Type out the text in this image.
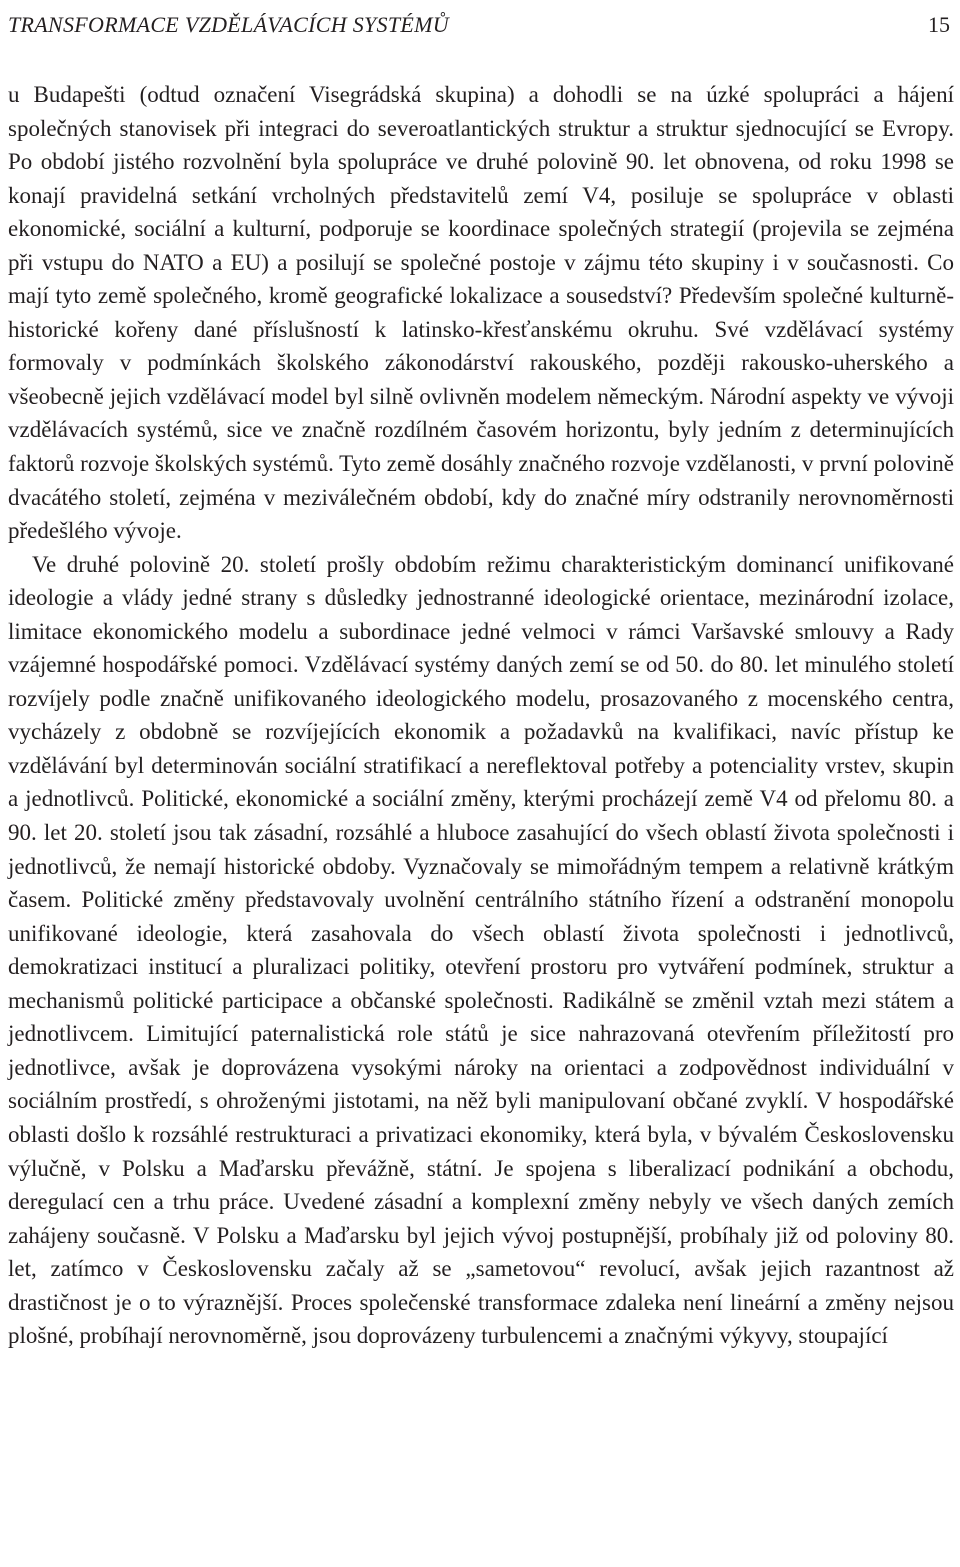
TRANSFORMACE VZDĚLÁVACÍCH SYSTÉMŮ	15

u Budapešti (odtud označení Visegrádská skupina) a dohodli se na úzké spolupráci a hájení společných stanovisek při integraci do severoatlantických struktur a struktur sjednocující se Evropy. Po období jistého rozvolnění byla spolupráce ve druhé polovině 90. let obnovena, od roku 1998 se konají pravidelná setkání vrcholných představitelů zemí V4, posiluje se spolupráce v oblasti ekonomické, sociální a kulturní, podporuje se koordinace společných strategií (projevila se zejména při vstupu do NATO a EU) a posilují se společné postoje v zájmu této skupiny i v současnosti. Co mají tyto země společného, kromě geografické lokalizace a sousedství? Především společné kulturně-historické kořeny dané příslušností k latinsko-křesťanskému okruhu. Své vzdělávací systémy formovaly v podmínkách školského zákonodárství rakouského, později rakousko-uherského a všeobecně jejich vzdělávací model byl silně ovlivněn modelem německým. Národní aspekty ve vývoji vzdělávacích systémů, sice ve značně rozdílném časovém horizontu, byly jedním z determinujících faktorů rozvoje školských systémů. Tyto země dosáhly značného rozvoje vzdělanosti, v první polovině dvacátého století, zejména v meziválečném období, kdy do značné míry odstranily nerovnoměrnosti předešlého vývoje.

Ve druhé polovině 20. století prošly obdobím režimu charakteristickým dominancí unifikované ideologie a vlády jedné strany s důsledky jednostranné ideologické orientace, mezinárodní izolace, limitace ekonomického modelu a subordinace jedné velmoci v rámci Varšavské smlouvy a Rady vzájemné hospodářské pomoci. Vzdělávací systémy daných zemí se od 50. do 80. let minulého století rozvíjely podle značně unifikovaného ideologického modelu, prosazovaného z mocenského centra, vycházely z obdobně se rozvíjejících ekonomik a požadavků na kvalifikaci, navíc přístup ke vzdělávání byl determinován sociální stratifikací a nereflektoval potřeby a potenciality vrstev, skupin a jednotlivců. Politické, ekonomické a sociální změny, kterými procházejí země V4 od přelomu 80. a 90. let 20. století jsou tak zásadní, rozsáhlé a hluboce zasahující do všech oblastí života společnosti i jednotlivců, že nemají historické obdoby. Vyznačovaly se mimořádným tempem a relativně krátkým časem. Politické změny představovaly uvolnění centrálního státního řízení a odstranění monopolu unifikované ideologie, která zasahovala do všech oblastí života společnosti i jednotlivců, demokratizaci institucí a pluralizaci politiky, otevření prostoru pro vytváření podmínek, struktur a mechanismů politické participace a občanské společnosti. Radikálně se změnil vztah mezi státem a jednotlivcem. Limitující paternalistická role států je sice nahrazovaná otevřením příležitostí pro jednotlivce, avšak je doprovázena vysokými nároky na orientaci a zodpovědnost individuální v sociálním prostředí, s ohroženými jistotami, na něž byli manipulovaní občané zvyklí. V hospodářské oblasti došlo k rozsáhlé restrukturaci a privatizaci ekonomiky, která byla, v bývalém Československu výlučně, v Polsku a Maďarsku převážně, státní. Je spojena s liberalizací podnikání a obchodu, deregulací cen a trhu práce. Uvedené zásadní a komplexní změny nebyly ve všech daných zemích zahájeny současně. V Polsku a Maďarsku byl jejich vývoj postupnější, probíhaly již od poloviny 80. let, zatímco v Československu začaly až se „sametovou“ revolucí, avšak jejich razantnost až drastičnost je o to výraznější. Proces společenské transformace zdaleka není lineární a změny nejsou plošné, probíhají nerovnoměrně, jsou doprovázeny turbulencemi a značnými výkyvy, stoupající
